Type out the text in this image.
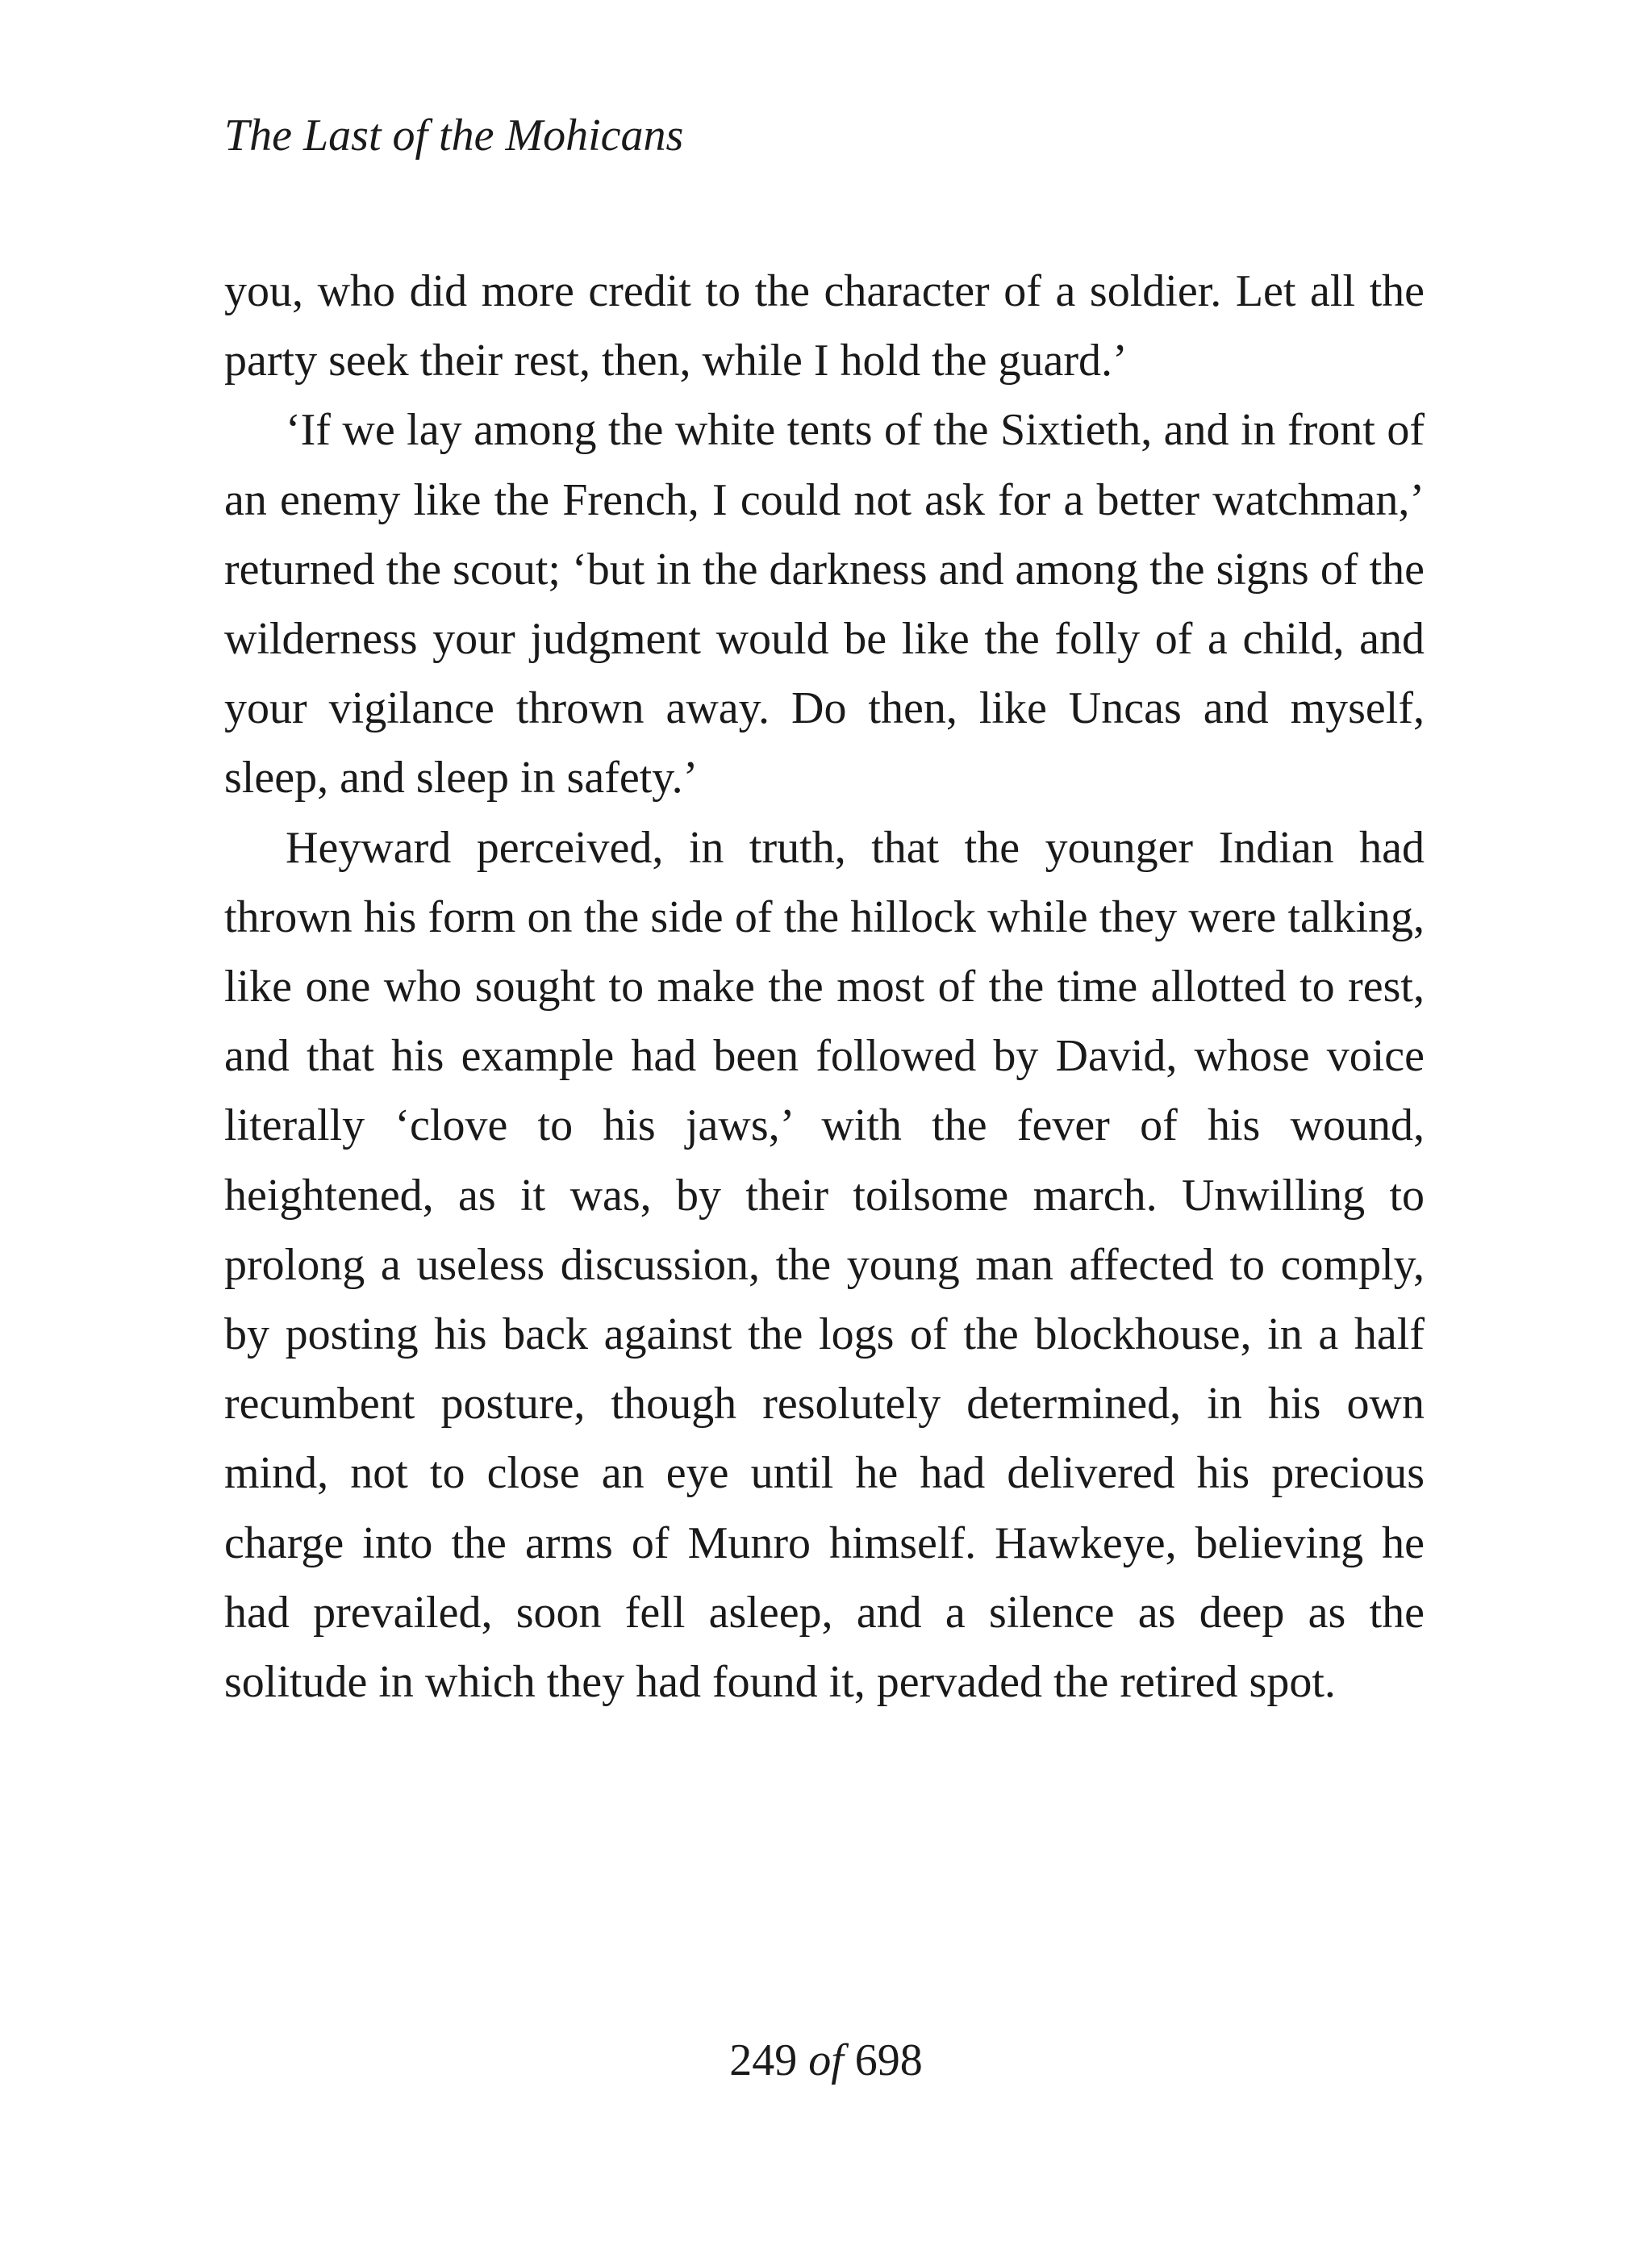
The Last of the Mohicans

you, who did more credit to the character of a soldier. Let all the party seek their rest, then, while I hold the guard.’

‘If we lay among the white tents of the Sixtieth, and in front of an enemy like the French, I could not ask for a better watchman,’ returned the scout; ‘but in the darkness and among the signs of the wilderness your judgment would be like the folly of a child, and your vigilance thrown away. Do then, like Uncas and myself, sleep, and sleep in safety.’

Heyward perceived, in truth, that the younger Indian had thrown his form on the side of the hillock while they were talking, like one who sought to make the most of the time allotted to rest, and that his example had been followed by David, whose voice literally ‘clove to his jaws,’ with the fever of his wound, heightened, as it was, by their toilsome march. Unwilling to prolong a useless discussion, the young man affected to comply, by posting his back against the logs of the blockhouse, in a half recumbent posture, though resolutely determined, in his own mind, not to close an eye until he had delivered his precious charge into the arms of Munro himself. Hawkeye, believing he had prevailed, soon fell asleep, and a silence as deep as the solitude in which they had found it, pervaded the retired spot.

249 of 698
